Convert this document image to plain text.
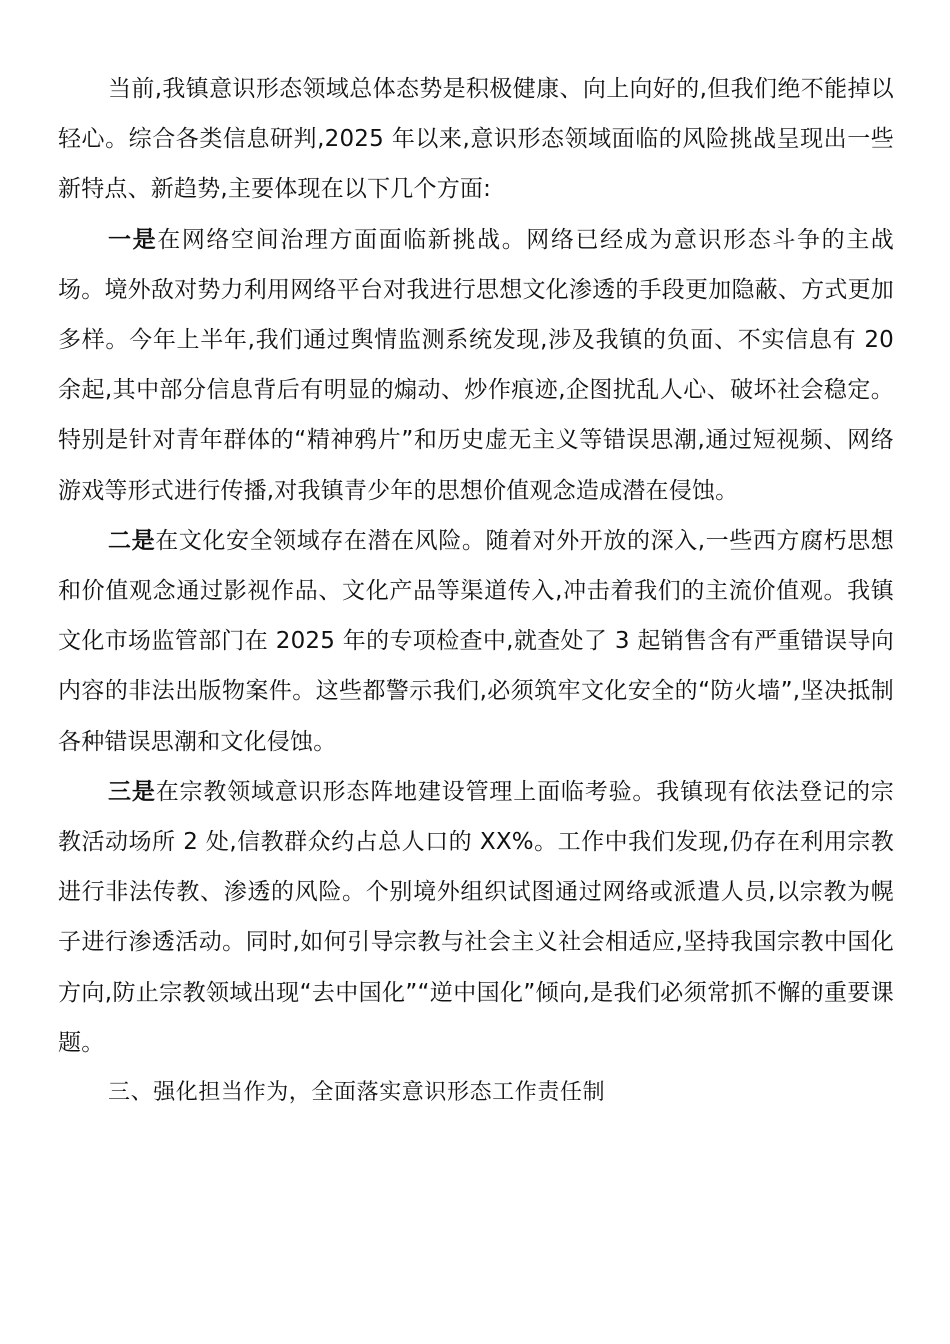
当前,我镇意识形态领域总体态势是积极健康、向上向好的,但我们绝不能掉以轻心。综合各类信息研判,2025 年以来,意识形态领域面临的风险挑战呈现出一些新特点、新趋势,主要体现在以下几个方面:

一是在网络空间治理方面面临新挑战。网络已经成为意识形态斗争的主战场。境外敌对势力利用网络平台对我进行思想文化渗透的手段更加隐蔽、方式更加多样。今年上半年,我们通过舆情监测系统发现,涉及我镇的负面、不实信息有 20 余起,其中部分信息背后有明显的煽动、炒作痕迹,企图扰乱人心、破坏社会稳定。特别是针对青年群体的“精神鸦片”和历史虚无主义等错误思潮,通过短视频、网络游戏等形式进行传播,对我镇青少年的思想价值观念造成潜在侵蚀。

二是在文化安全领域存在潜在风险。随着对外开放的深入,一些西方腐朽思想和价值观念通过影视作品、文化产品等渠道传入,冲击着我们的主流价值观。我镇文化市场监管部门在 2025 年的专项检查中,就查处了 3 起销售含有严重错误导向内容的非法出版物案件。这些都警示我们,必须筑牢文化安全的“防火墙”,坚决抵制各种错误思潮和文化侵蚀。

三是在宗教领域意识形态阵地建设管理上面临考验。我镇现有依法登记的宗教活动场所 2 处,信教群众约占总人口的 XX%。工作中我们发现,仍存在利用宗教进行非法传教、渗透的风险。个别境外组织试图通过网络或派遣人员,以宗教为幌子进行渗透活动。同时,如何引导宗教与社会主义社会相适应,坚持我国宗教中国化方向,防止宗教领域出现“去中国化”“逆中国化”倾向,是我们必须常抓不懈的重要课题。

三、强化担当作为，全面落实意识形态工作责任制
